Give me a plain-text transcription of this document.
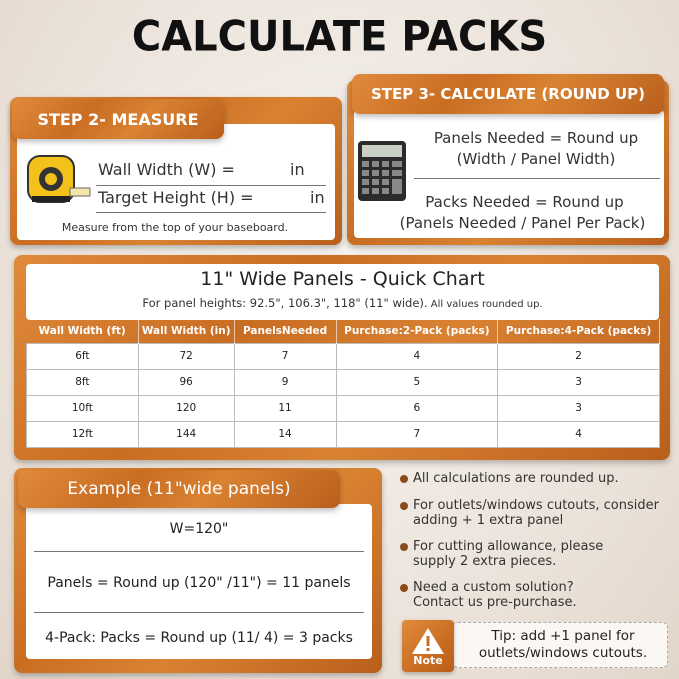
CALCULATE PACKS
STEP 2- MEASURE
Wall Width (W) =	in
Target Height (H) =	in
Measure from the top of your baseboard.
STEP 3- CALCULATE (ROUND UP)
Panels Needed = Round up
(Width / Panel Width)
Packs Needed = Round up
(Panels Needed / Panel Per Pack)
11" Wide Panels - Quick Chart
For panel heights: 92.5", 106.3", 118" (11" wide). All values rounded up.
Wall Width (ft)	Wall Width (in)	PanelsNeeded	Purchase:2-Pack (packs)	Purchase:4-Pack (packs)
6ft	72	7	4	2
8ft	96	9	5	3
10ft	120	11	6	3
12ft	144	14	7	4
Example (11"wide panels)
W=120"
Panels = Round up (120" /11") = 11 panels
4-Pack: Packs = Round up (11/ 4) = 3 packs
All calculations are rounded up.
For outlets/windows cutouts, consider adding + 1 extra panel
For cutting allowance, please supply 2 extra pieces.
Need a custom solution? Contact us pre-purchase.
Tip: add +1 panel for outlets/windows cutouts.
Note
